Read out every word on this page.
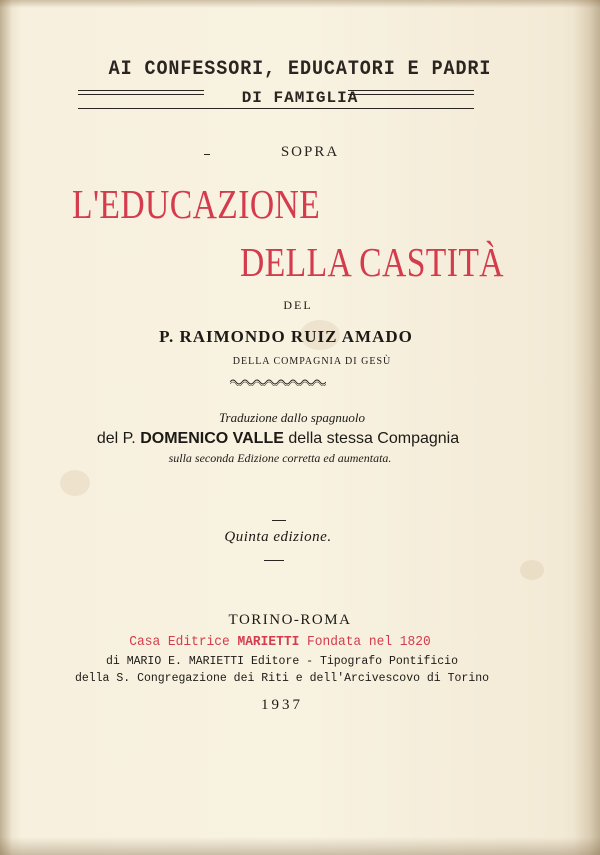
AI CONFESSORI, EDUCATORI E PADRI
DI FAMIGLIA
SOPRA
L'EDUCAZIONE
DELLA CASTITÀ
DEL
P. RAIMONDO RUIZ AMADO
DELLA COMPAGNIA DI GESÙ
Traduzione dallo spagnuolo
del P. DOMENICO VALLE della stessa Compagnia
sulla seconda Edizione corretta ed aumentata.
Quinta edizione.
TORINO-ROMA
Casa Editrice MARIETTI Fondata nel 1820
di MARIO E. MARIETTI Editore - Tipografo Pontificio
della S. Congregazione dei Riti e dell'Arcivescovo di Torino
1937
